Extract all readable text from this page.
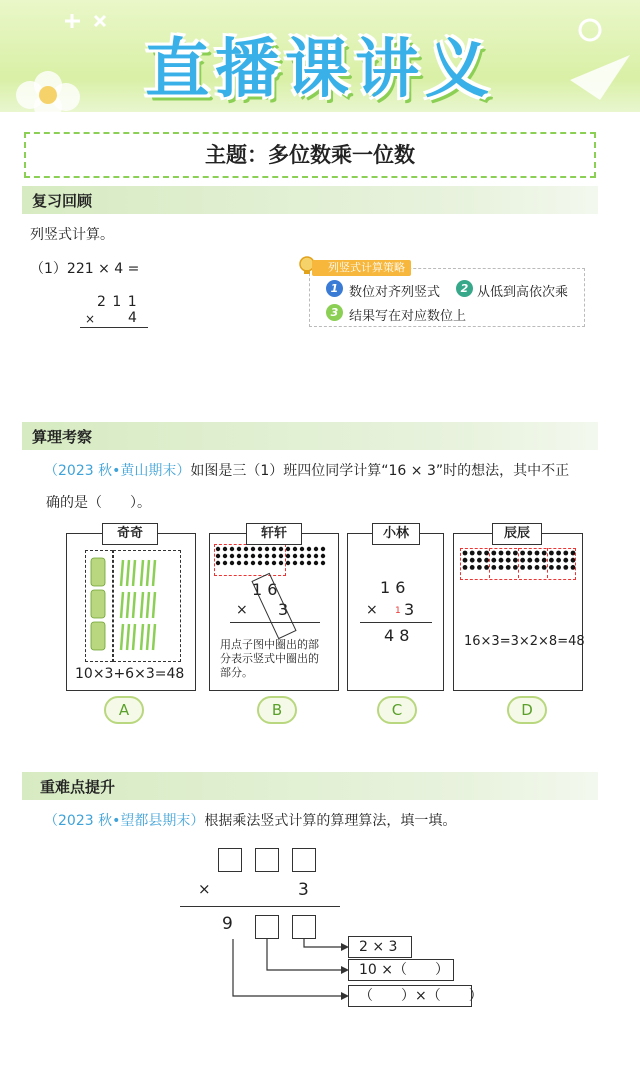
直播课讲义
主题：多位数乘一位数
复习回顾
列竖式计算。
（1）221 × 4 =
2 1 1
× 4
列竖式计算策略
1 数位对齐列竖式	2 从低到高依次乘
3 结果写在对应数位上
算理考察
（2023 秋•黄山期末）如图是三（1）班四位同学计算“16 × 3”时的想法，其中不正
确的是（　　）。
10×3+6×3=48
奇奇
A
1 6
× 3
用点子图中圈出的部
分表示竖式中圈出的
部分。
轩轩
B
1 6
× 1 3
4 8
小林
C
16×3=3×2×8=48
辰辰
D
重难点提升
（2023 秋•望都县期末）根据乘法竖式计算的算理算法，填一填。
×	3
9
2 × 3
10 ×（　　）
（　　）×（　　）
